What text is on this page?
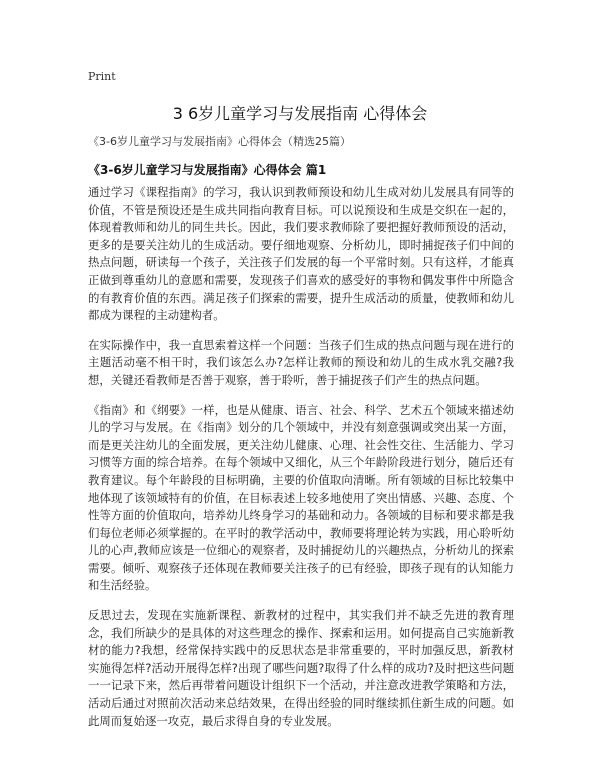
Print
3 6岁儿童学习与发展指南 心得体会
《3-6岁儿童学习与发展指南》心得体会（精选25篇）
《3-6岁儿童学习与发展指南》心得体会 篇1

通过学习《课程指南》的学习，我认识到教师预设和幼儿生成对幼儿发展具有同等的价值，不管是预设还是生成共同指向教育目标。可以说预设和生成是交织在一起的，体现着教师和幼儿的同生共长。因此，我们要求教师除了要把握好教师预设的活动，更多的是要关注幼儿的生成活动。要仔细地观察、分析幼儿，即时捕捉孩子们中间的热点问题，研读每一个孩子，关注孩子们发展的每一个平常时刻。只有这样，才能真正做到尊重幼儿的意愿和需要，发现孩子们喜欢的感受好的事物和偶发事件中所隐含的有教育价值的东西。满足孩子们探索的需要，提升生成活动的质量，使教师和幼儿都成为课程的主动建构者。

在实际操作中，我一直思索着这样一个问题：当孩子们生成的热点问题与现在进行的主题活动毫不相干时，我们该怎么办?怎样让教师的预设和幼儿的生成水乳交融?我想，关键还看教师是否善于观察，善于聆听，善于捕捉孩子们产生的热点问题。

《指南》和《纲要》一样，也是从健康、语言、社会、科学、艺术五个领域来描述幼儿的学习与发展。在《指南》划分的几个领域中，并没有刻意强调或突出某一方面，而是更关注幼儿的全面发展，更关注幼儿健康、心理、社会性交往、生活能力、学习习惯等方面的综合培养。在每个领域中又细化，从三个年龄阶段进行划分，随后还有教育建议。每个年龄段的目标明确，主要的价值取向清晰。所有领域的目标比较集中地体现了该领域特有的价值，在目标表述上较多地使用了突出情感、兴趣、态度、个性等方面的价值取向，培养幼儿终身学习的基础和动力。各领域的目标和要求都是我们每位老师必须掌握的。在平时的教学活动中，教师要将理论转为实践，用心聆听幼儿的心声,教师应该是一位细心的观察者，及时捕捉幼儿的兴趣热点，分析幼儿的探索需要。倾听、观察孩子还体现在教师要关注孩子的已有经验，即孩子现有的认知能力和生活经验。

反思过去，发现在实施新课程、新教材的过程中，其实我们并不缺乏先进的教育理念，我们所缺少的是具体的对这些理念的操作、探索和运用。如何提高自己实施新教材的能力?我想，经常保持实践中的反思状态是非常重要的，平时加强反思，新教材实施得怎样?活动开展得怎样?出现了哪些问题?取得了什么样的成功?及时把这些问题一一记录下来，然后再带着问题设计组织下一个活动，并注意改进教学策略和方法，活动后通过对照前次活动来总结效果，在得出经验的同时继续抓住新生成的问题。如此周而复始逐一攻克，最后求得自身的专业发展。
